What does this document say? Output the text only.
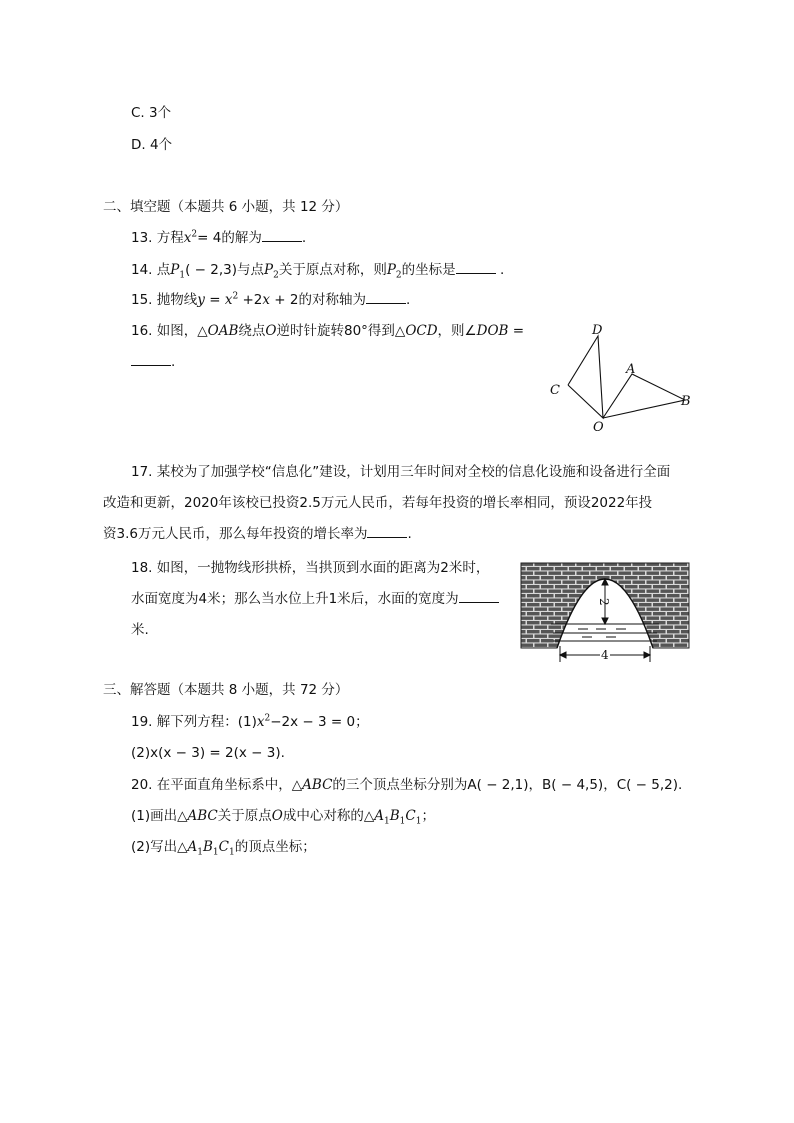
C. 3个
D. 4个
二、填空题（本题共 6 小题，共 12 分）
13. 方程$x^2= 4$的解为	.
14. 点$P_1( - 2,3)$与点$P_2$关于原点对称，则$P_2$的坐标是	.
15. 抛物线$y = x^2 +2x + 2$的对称轴为	.
16. 如图，△OAB绕点O逆时针旋转80°得到△OCD，则∠DOB =
.
D
A
C
B
O
17. 某校为了加强学校“信息化”建设，计划用三年时间对全校的信息化设施和设备进行全面
改造和更新，2020年该校已投资2.5万元人民币，若每年投资的增长率相同，预设2022年投
资3.6万元人民币，那么每年投资的增长率为	.
18. 如图，一抛物线形拱桥，当拱顶到水面的距离为2米时，
水面宽度为4米；那么当水位上升1米后，水面的宽度为
米.
2
4
三、解答题（本题共 8 小题，共 72 分）
19. 解下列方程：$(1)x^2-2x - 3 = 0$；
(2)x(x − 3) = 2(x − 3).
20. 在平面直角坐标系中，△ABC的三个顶点坐标分别为A( − 2,1)，B( − 4,5)，C( − 5,2).
(1)画出△ABC关于原点O成中心对称的$\triangle A_1B_1C_1$；
(2)写出$\triangle A_1B_1C_1$的顶点坐标；
